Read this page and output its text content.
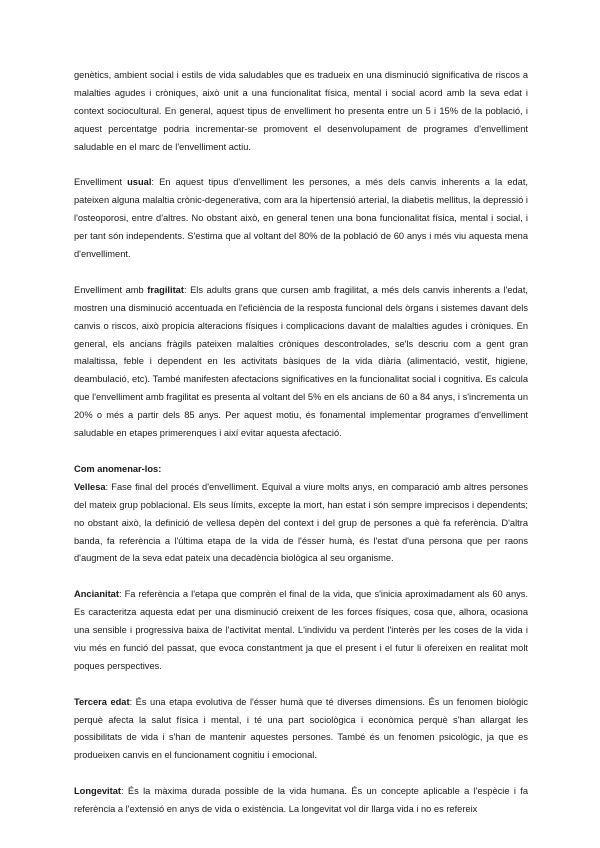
genètics, ambient social i estils de vida saludables que es tradueix en una disminució significativa de riscos a malalties agudes i cròniques, això unit a una funcionalitat física, mental i social acord amb la seva edat i context sociocultural. En general, aquest tipus de envelliment ho presenta entre un 5 i 15% de la població, i aquest percentatge podria incrementar-se promovent el desenvolupament de programes d'envelliment saludable en el marc de l'envelliment actiu.

Envelliment usual: En aquest tipus d'envelliment les persones, a més dels canvis inherents a la edat, pateixen alguna malaltia crònic-degenerativa, com ara la hipertensió arterial, la diabetis mellitus, la depressió i l'osteoporosi, entre d'altres. No obstant això, en general tenen una bona funcionalitat física, mental i social, i per tant són independents. S'estima que al voltant del 80% de la població de 60 anys i més viu aquesta mena d'envelliment.

Envelliment amb fragilitat: Els adults grans que cursen amb fragilitat, a més dels canvis inherents a l'edat, mostren una disminució accentuada en l'eficiència de la resposta funcional dels òrgans i sistemes davant dels canvis o riscos, això propicia alteracions físiques i complicacions davant de malalties agudes i cròniques. En general, els ancians fràgils pateixen malalties cròniques descontrolades, se'ls descriu com a gent gran malaltissa, feble i dependent en les activitats bàsiques de la vida diària (alimentació, vestit, higiene, deambulació, etc). També manifesten afectacions significatives en la funcionalitat social i cognitiva. Es calcula que l'envelliment amb fragilitat es presenta al voltant del 5% en els ancians de 60 a 84 anys, i s'incrementa un 20% o més a partir dels 85 anys. Per aquest motiu, és fonamental implementar programes d'envelliment saludable en etapes primerenques i així evitar aquesta afectació.

Com anomenar-los:

Vellesa: Fase final del procés d'envelliment. Equival a viure molts anys, en comparació amb altres persones del mateix grup poblacional. Els seus límits, excepte la mort, han estat i són sempre imprecisos i dependents; no obstant això, la definició de vellesa depèn del context i del grup de persones a què fa referència. D'altra banda, fa referència a l'última etapa de la vida de l'ésser humà, és l'estat d'una persona que per raons d'augment de la seva edat pateix una decadència biològica al seu organisme.

Ancianitat: Fa referència a l'etapa que comprèn el final de la vida, que s'inicia aproximadament als 60 anys. Es caracteritza aquesta edat per una disminució creixent de les forces físiques, cosa que, alhora, ocasiona una sensible i progressiva baixa de l'activitat mental. L'individu va perdent l'interès per les coses de la vida i viu més en funció del passat, que evoca constantment ja que el present i el futur li ofereixen en realitat molt poques perspectives.

Tercera edat: És una etapa evolutiva de l'ésser humà que té diverses dimensions. És un fenomen biològic perquè afecta la salut física i mental, i té una part sociològica i econòmica perquè s'han allargat les possibilitats de vida i s'han de mantenir aquestes persones. També és un fenomen psicològic, ja que es produeixen canvis en el funcionament cognitiu i emocional.

Longevitat: És la màxima durada possible de la vida humana. És un concepte aplicable a l'espècie i fa referència a l'extensió en anys de vida o existència. La longevitat vol dir llarga vida i no es refereix
